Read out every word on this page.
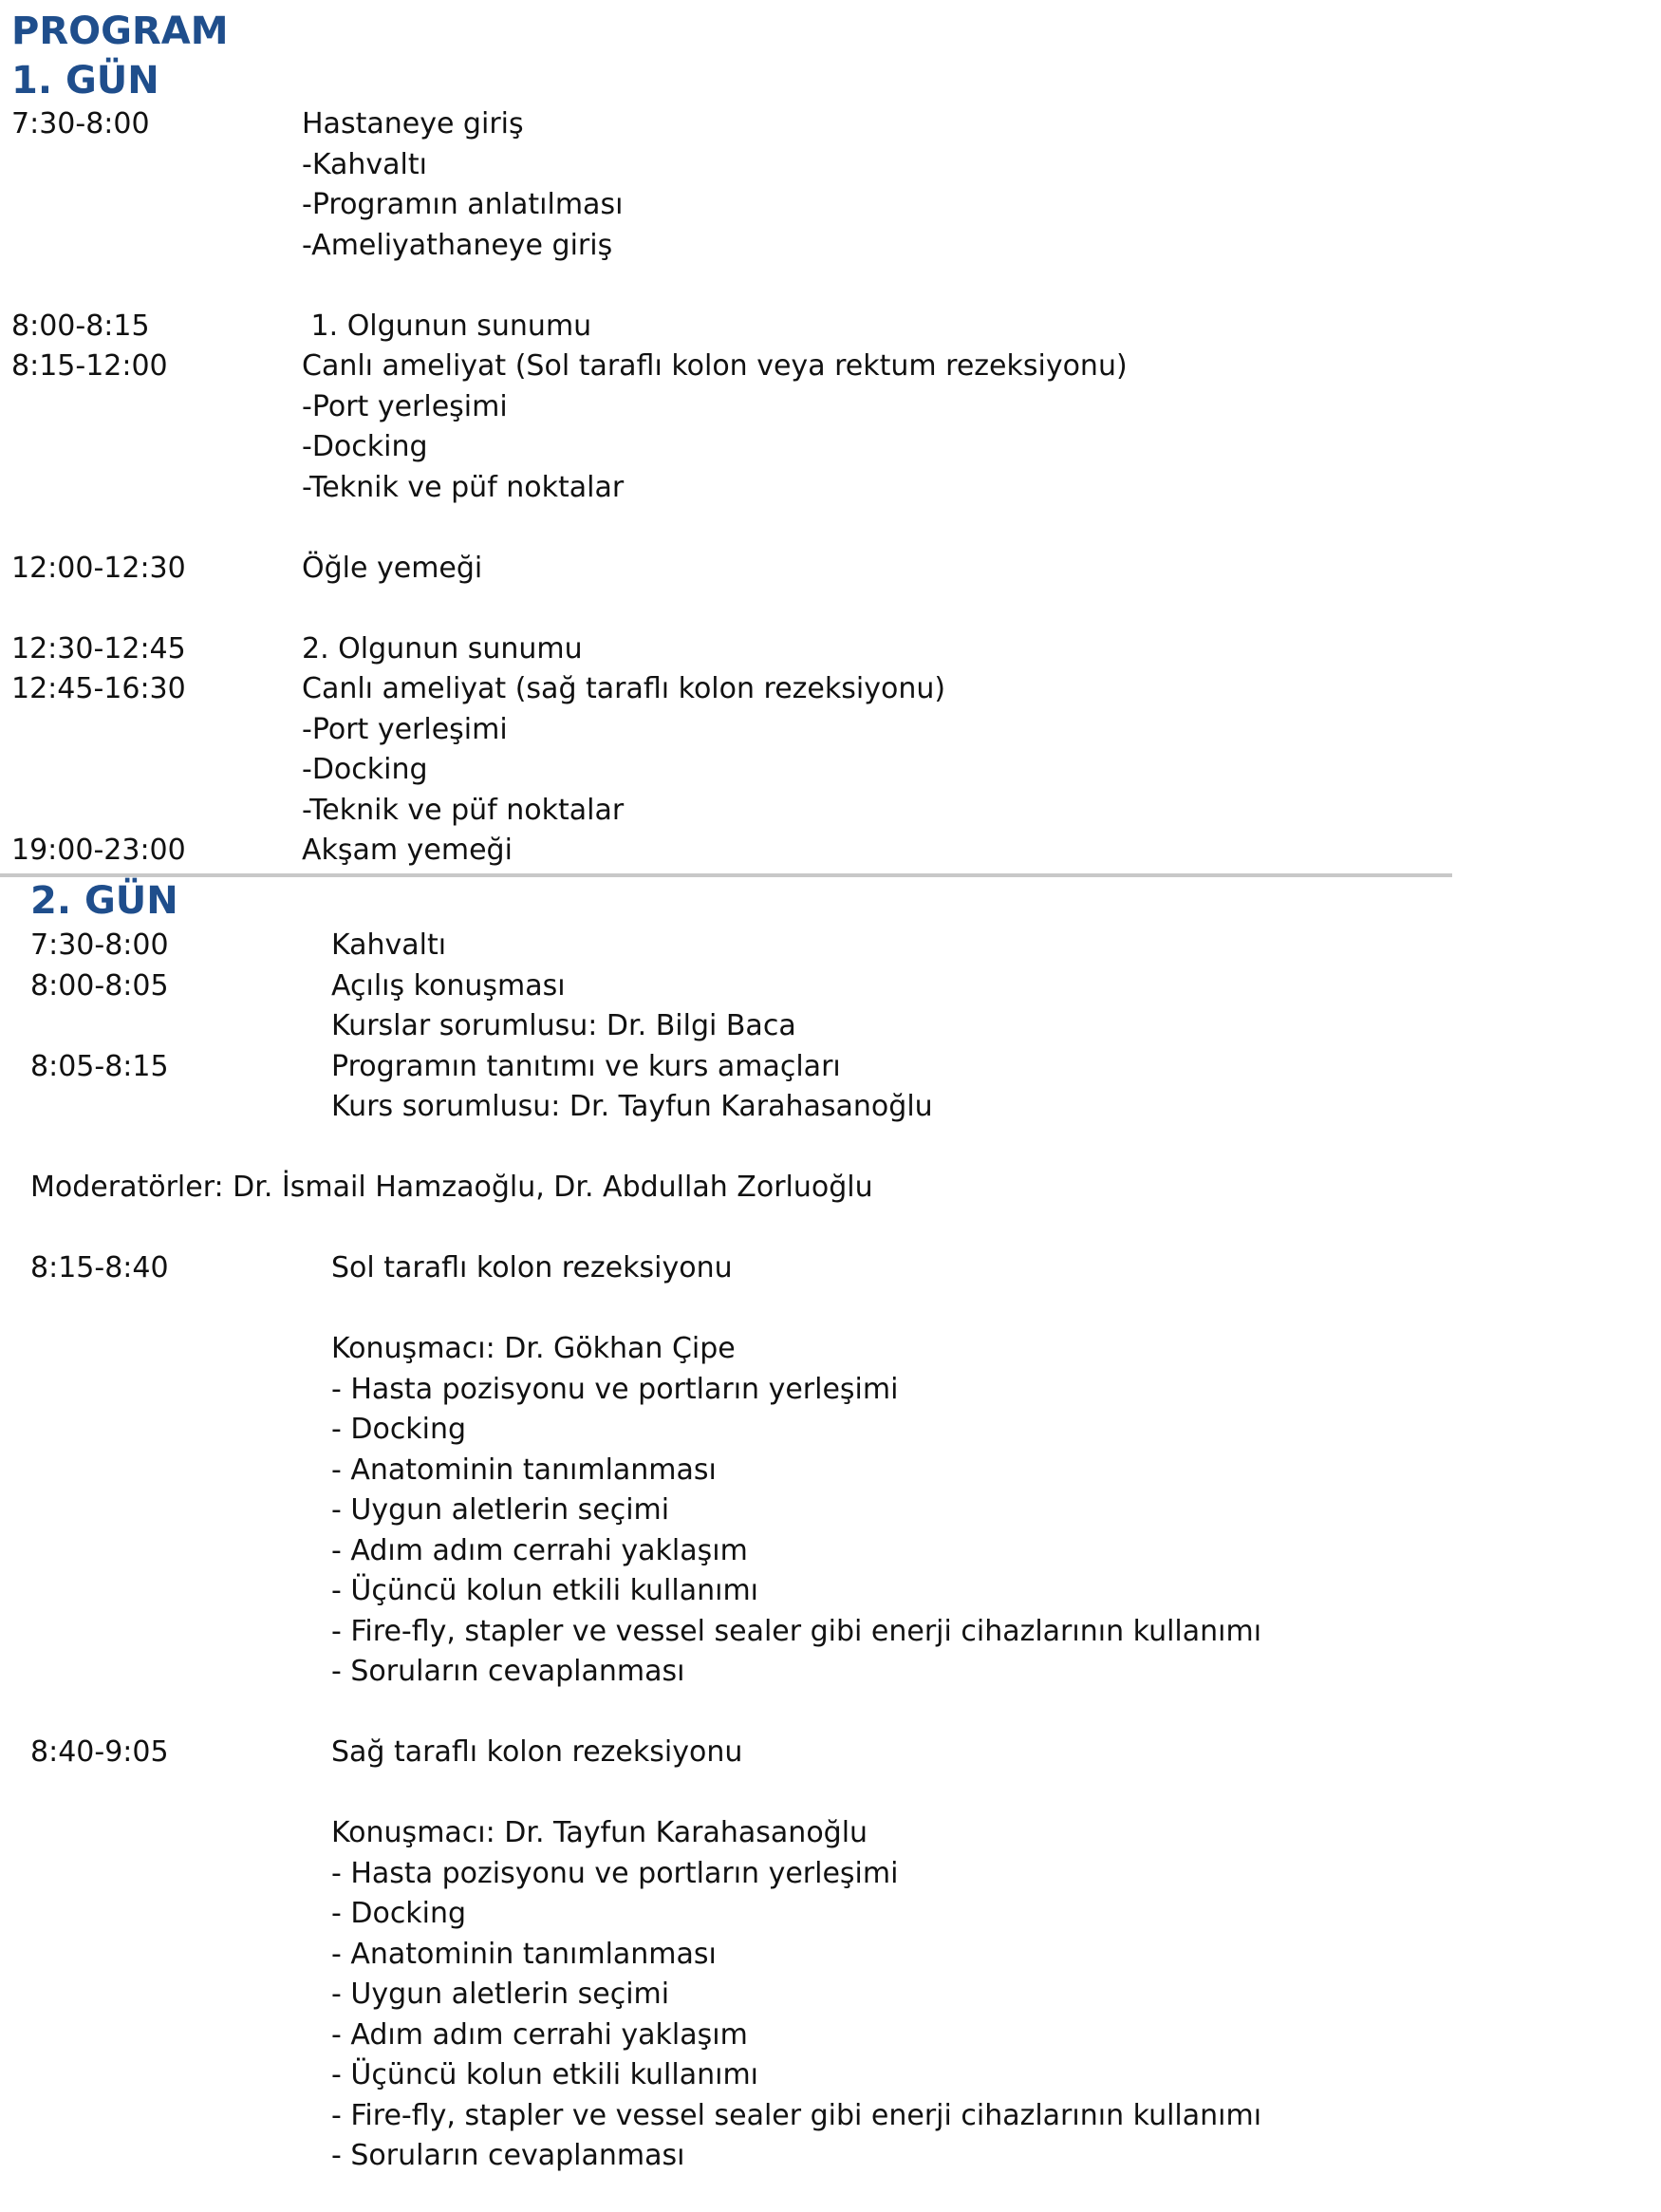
PROGRAM
1. GÜN
7:30-8:00	Hastaneye giriş
-Kahvaltı
-Programın anlatılması
-Ameliyathaneye giriş
8:00-8:15	1. Olgunun sunumu
8:15-12:00	Canlı ameliyat (Sol taraflı kolon veya rektum rezeksiyonu)
-Port yerleşimi
-Docking
-Teknik ve püf noktalar
12:00-12:30	Öğle yemeği
12:30-12:45	2. Olgunun sunumu
12:45-16:30	Canlı ameliyat (sağ taraflı kolon rezeksiyonu)
-Port yerleşimi
-Docking
-Teknik ve püf noktalar
19:00-23:00	Akşam yemeği
2. GÜN
7:30-8:00	Kahvaltı
8:00-8:05	Açılış konuşması
Kurslar sorumlusu: Dr. Bilgi Baca
8:05-8:15	Programın tanıtımı ve kurs amaçları
Kurs sorumlusu: Dr. Tayfun Karahasanoğlu
Moderatörler: Dr. İsmail Hamzaoğlu, Dr. Abdullah Zorluoğlu
8:15-8:40	Sol taraflı kolon rezeksiyonu
Konuşmacı: Dr. Gökhan Çipe
- Hasta pozisyonu ve portların yerleşimi
- Docking
- Anatominin tanımlanması
- Uygun aletlerin seçimi
- Adım adım cerrahi yaklaşım
- Üçüncü kolun etkili kullanımı
- Fire-fly, stapler ve vessel sealer gibi enerji cihazlarının kullanımı
- Soruların cevaplanması
8:40-9:05	Sağ taraflı kolon rezeksiyonu
Konuşmacı: Dr. Tayfun Karahasanoğlu
- Hasta pozisyonu ve portların yerleşimi
- Docking
- Anatominin tanımlanması
- Uygun aletlerin seçimi
- Adım adım cerrahi yaklaşım
- Üçüncü kolun etkili kullanımı
- Fire-fly, stapler ve vessel sealer gibi enerji cihazlarının kullanımı
- Soruların cevaplanması
